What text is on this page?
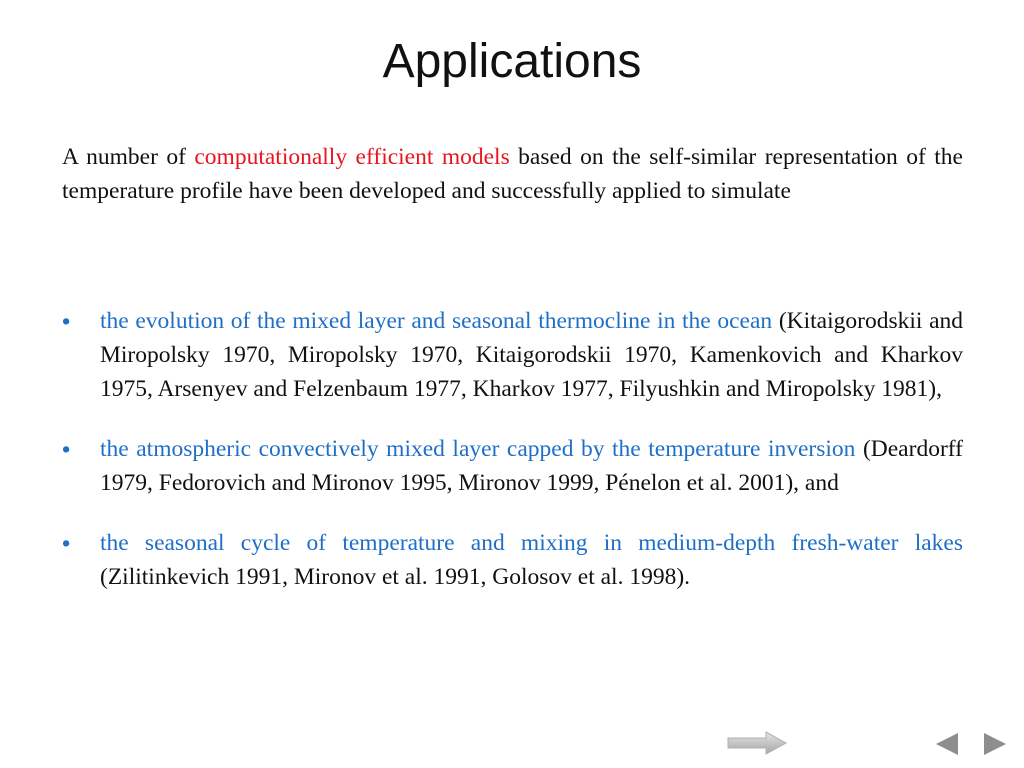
Applications

A number of computationally efficient models based on the self-similar representation of the temperature profile have been developed and successfully applied to simulate

• the evolution of the mixed layer and seasonal thermocline in the ocean (Kitaigorodskii and Miropolsky 1970, Miropolsky 1970, Kitaigorodskii 1970, Kamenkovich and Kharkov 1975, Arsenyev and Felzenbaum 1977, Kharkov 1977, Filyushkin and Miropolsky 1981),
• the atmospheric convectively mixed layer capped by the temperature inversion (Deardorff 1979, Fedorovich and Mironov 1995, Mironov 1999, Pénelon et al. 2001), and
• the seasonal cycle of temperature and mixing in medium-depth fresh-water lakes (Zilitinkevich 1991, Mironov et al. 1991, Golosov et al. 1998).
